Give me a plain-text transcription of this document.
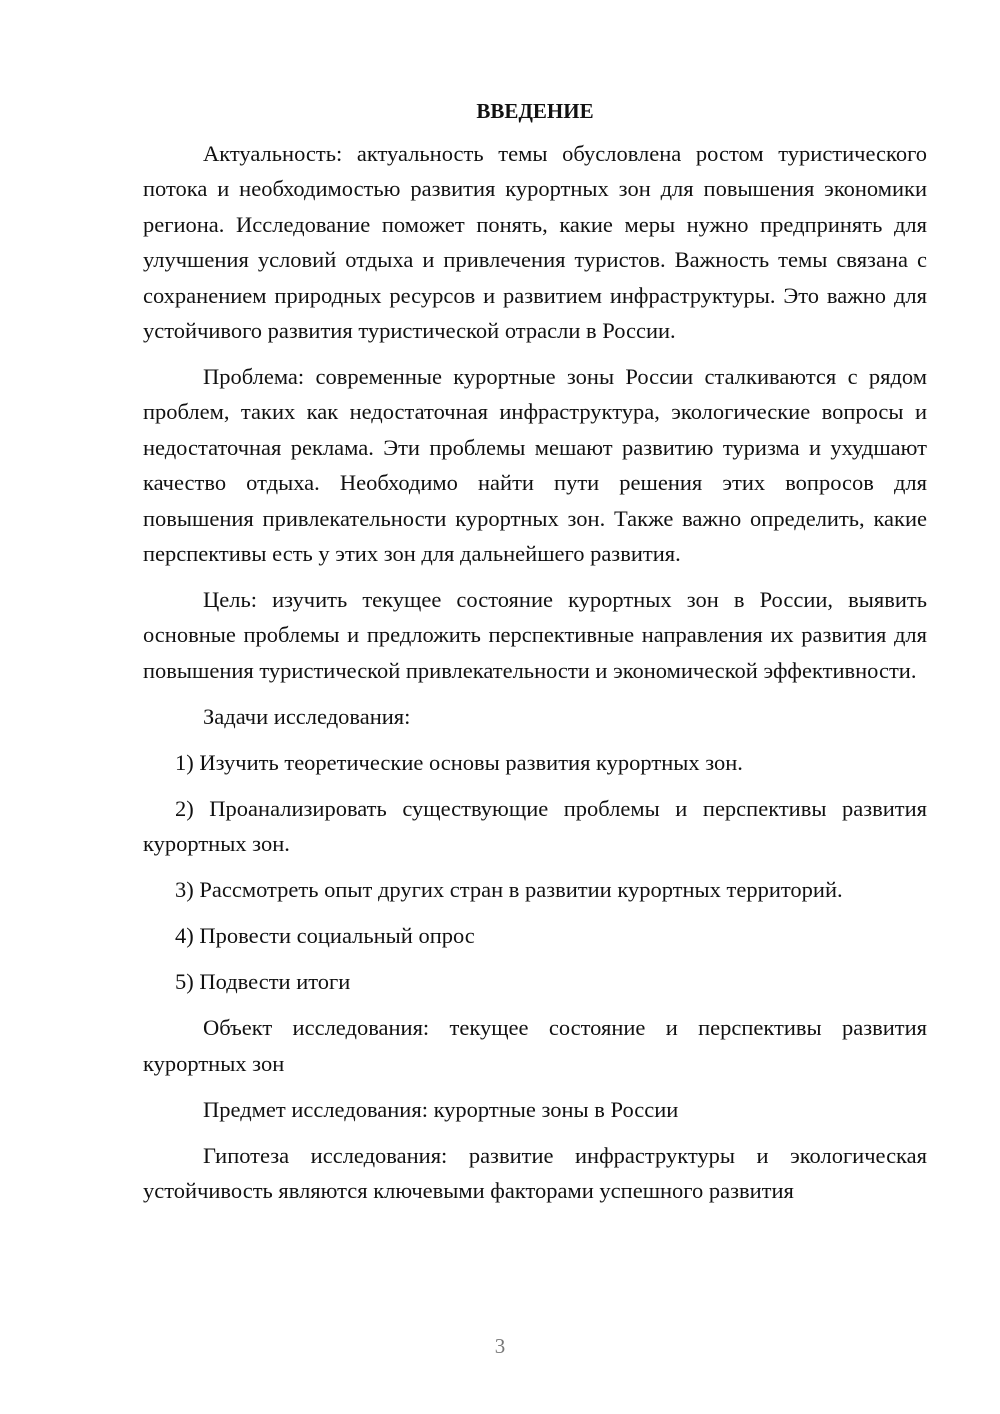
ВВЕДЕНИЕ

Актуальность: актуальность темы обусловлена ростом туристического потока и необходимостью развития курортных зон для повышения экономики региона. Исследование поможет понять, какие меры нужно предпринять для улучшения условий отдыха и привлечения туристов. Важность темы связана с сохранением природных ресурсов и развитием инфраструктуры. Это важно для устойчивого развития туристической отрасли в России.

Проблема: современные курортные зоны России сталкиваются с рядом проблем, таких как недостаточная инфраструктура, экологические вопросы и недостаточная реклама. Эти проблемы мешают развитию туризма и ухудшают качество отдыха. Необходимо найти пути решения этих вопросов для повышения привлекательности курортных зон. Также важно определить, какие перспективы есть у этих зон для дальнейшего развития.

Цель: изучить текущее состояние курортных зон в России, выявить основные проблемы и предложить перспективные направления их развития для повышения туристической привлекательности и экономической эффективности.

Задачи исследования:

1) Изучить теоретические основы развития курортных зон.

2) Проанализировать существующие проблемы и перспективы развития курортных зон.

3) Рассмотреть опыт других стран в развитии курортных территорий.

4) Провести социальный опрос

5) Подвести итоги

Объект исследования: текущее состояние и перспективы развития курортных зон

Предмет исследования: курортные зоны в России

Гипотеза исследования: развитие инфраструктуры и экологическая устойчивость являются ключевыми факторами успешного развития

3
